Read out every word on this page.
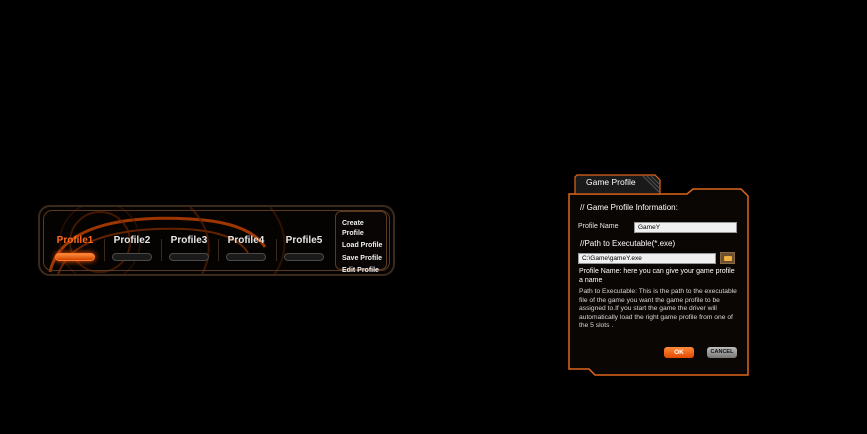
Profile1	Profile2	Profile3	Profile4	Profile5
Create Profile
Load Profile
Save Profile
Edit Profile
Game Profile
// Game Profile Information:
Profile Name	GameY
//Path to Executable(*.exe)
C:\Game\gameY.exe
Profile Name: here you can give your game profile a name
Path to Executable: This is the path to the executable file of the game you want the game profile to be assigned to.If you start the game the driver will automatically load the right game profile from one of the 5 slots .
OK	CANCEL
